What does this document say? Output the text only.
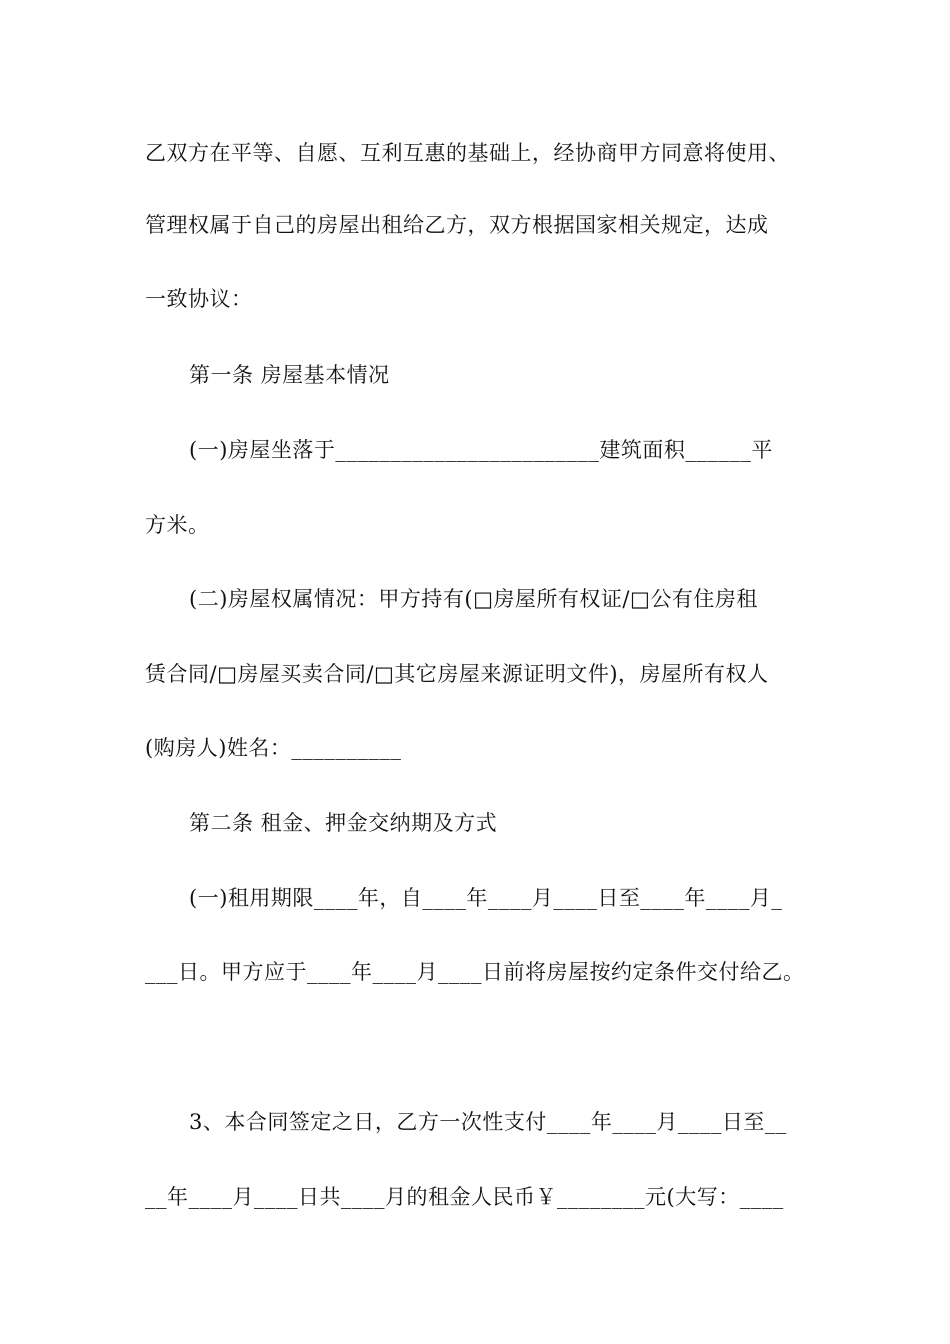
乙双方在平等、自愿、互利互惠的基础上，经协商甲方同意将使用、
管理权属于自己的房屋出租给乙方，双方根据国家相关规定，达成
一致协议：
第一条 房屋基本情况
(一)房屋坐落于________________________建筑面积______平
方米。
(二)房屋权属情况：甲方持有(□房屋所有权证/□公有住房租
赁合同/□房屋买卖合同/□其它房屋来源证明文件)，房屋所有权人
(购房人)姓名：__________
第二条 租金、押金交纳期及方式
(一)租用期限____年，自____年____月____日至____年____月_
___日。甲方应于____年____月____日前将房屋按约定条件交付给乙。
3、本合同签定之日，乙方一次性支付____年____月____日至__
__年____月____日共____月的租金人民币￥________元(大写：____
